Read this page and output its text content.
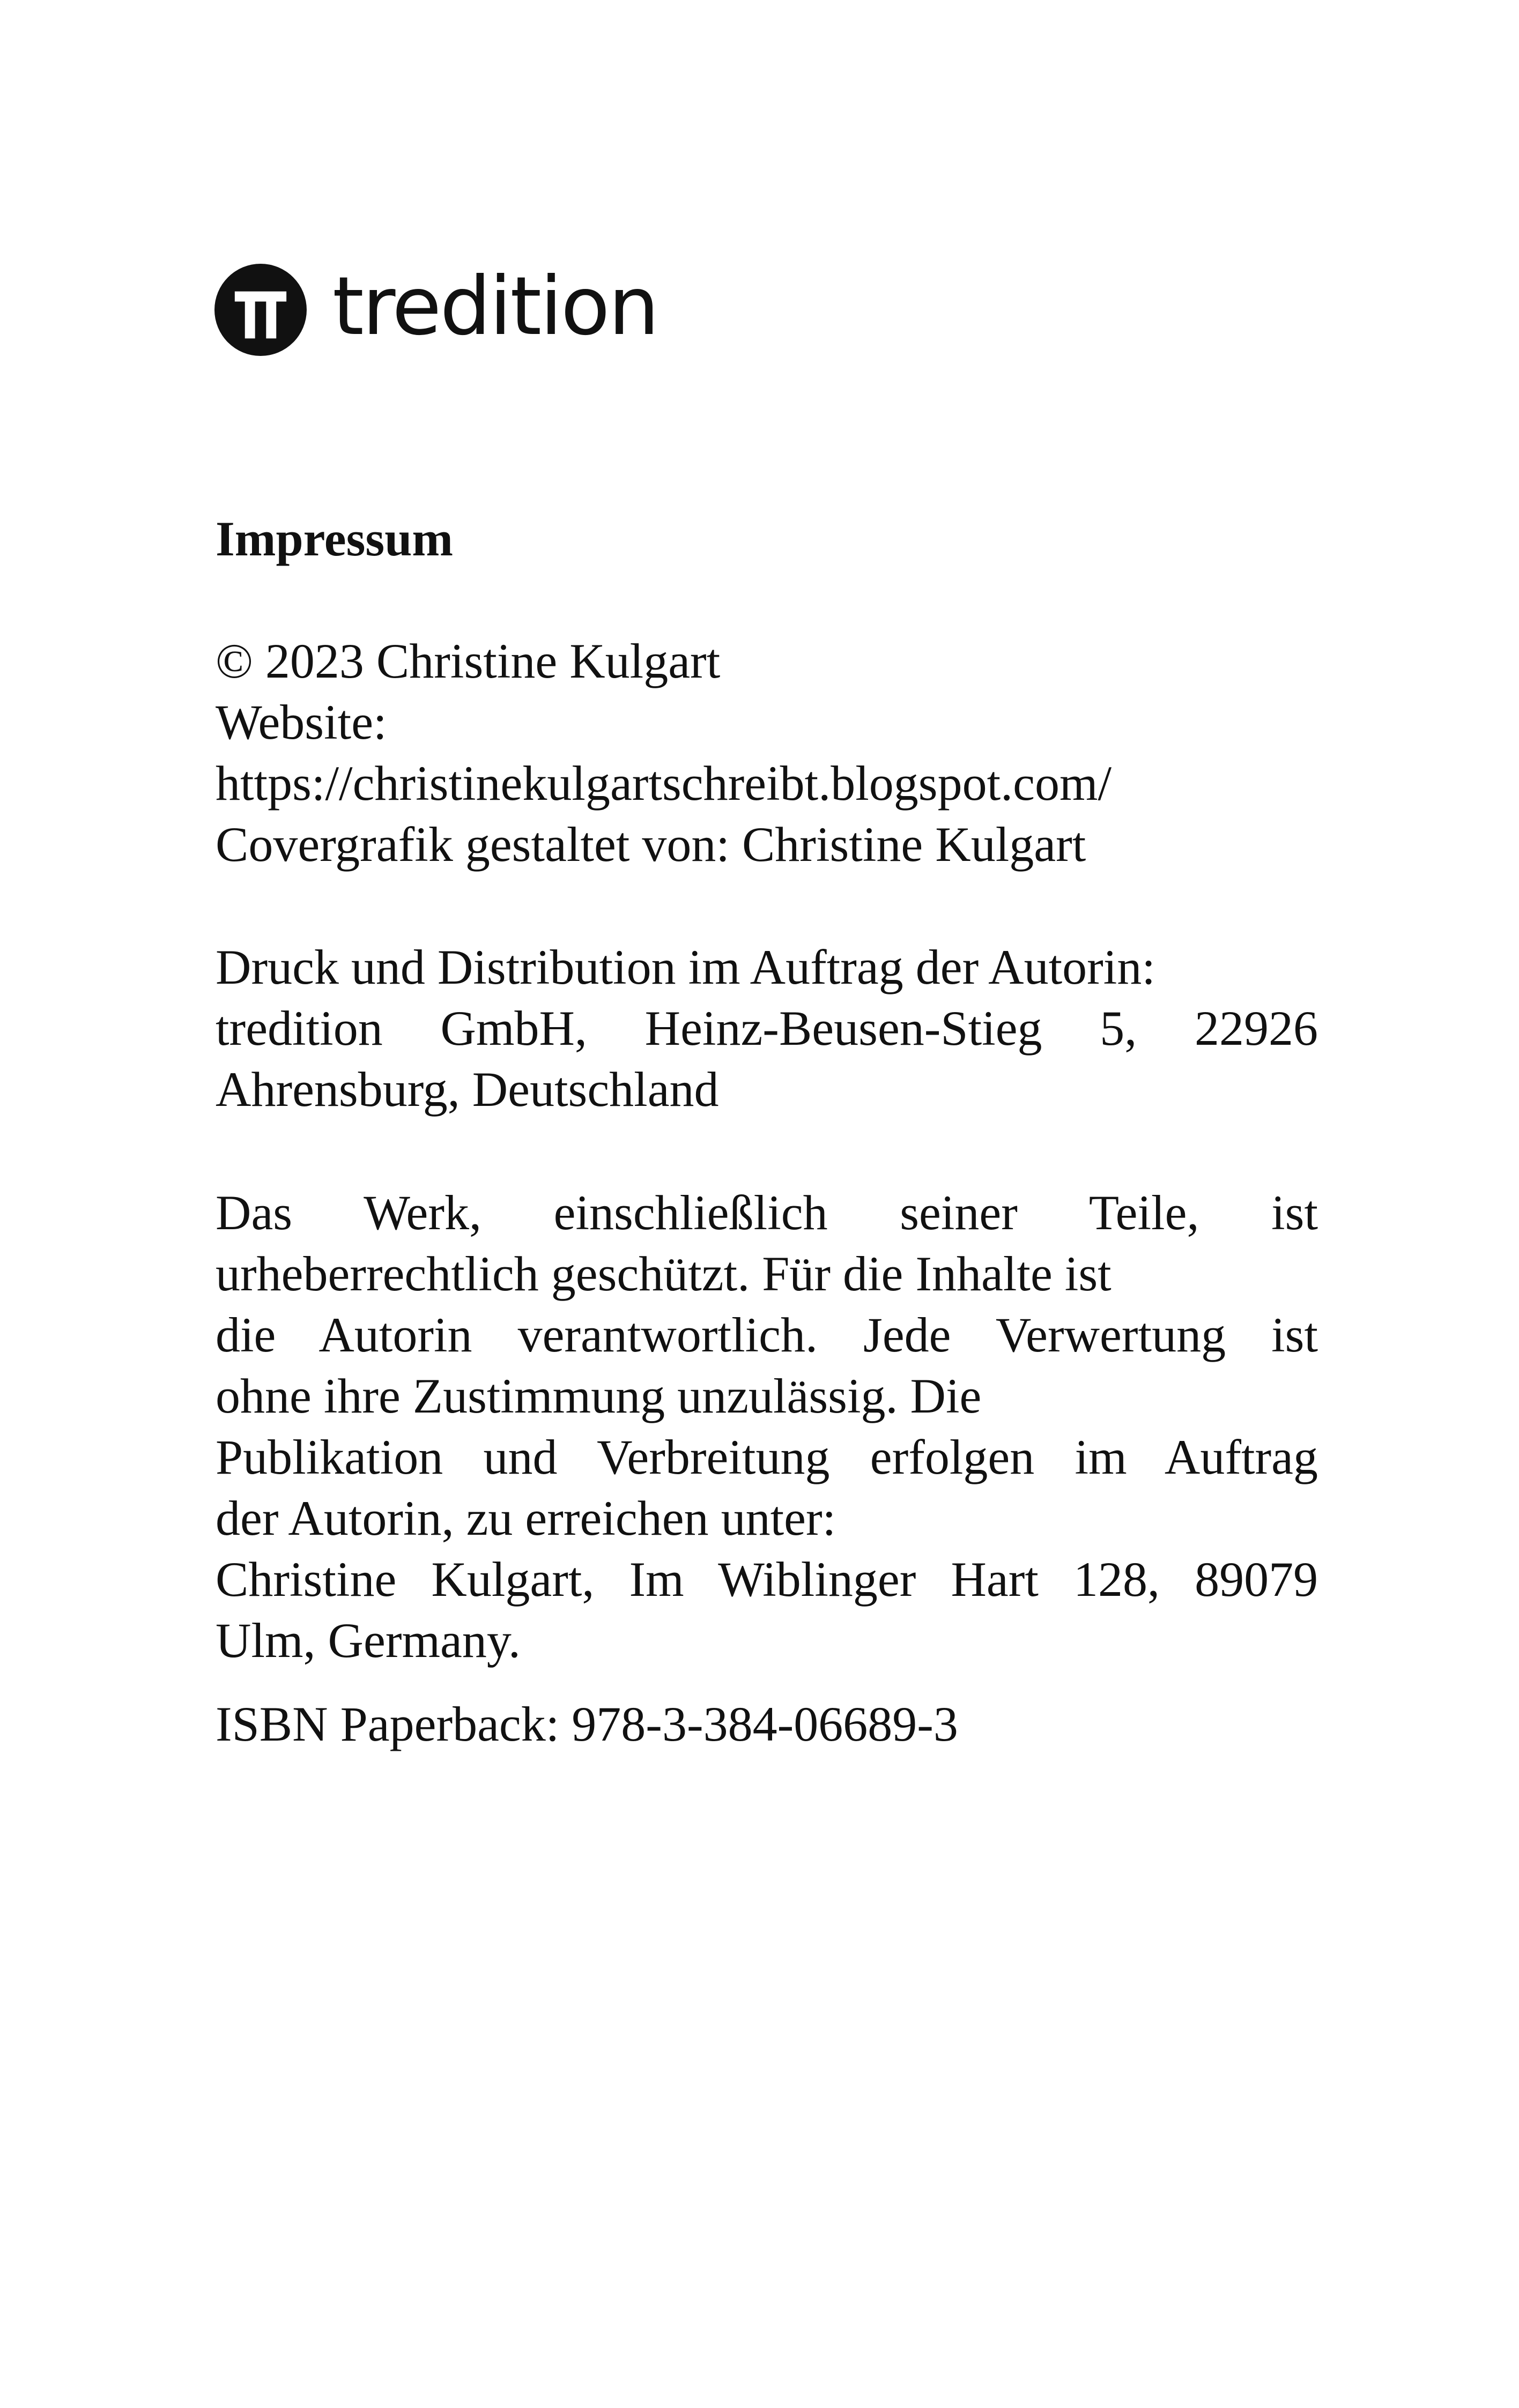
tredition
Impressum
© 2023 Christine Kulgart
Website:
https://christinekulgartschreibt.blogspot.com/
Covergrafik gestaltet von: Christine Kulgart
Druck und Distribution im Auftrag der Autorin:
tredition GmbH, Heinz-Beusen-Stieg 5, 22926
Ahrensburg, Deutschland
Das Werk, einschließlich seiner Teile, ist
urheberrechtlich geschützt. Für die Inhalte ist
die Autorin verantwortlich. Jede Verwertung ist
ohne ihre Zustimmung unzulässig. Die
Publikation und Verbreitung erfolgen im Auftrag
der Autorin, zu erreichen unter:
Christine Kulgart, Im Wiblinger Hart 128, 89079
Ulm, Germany.
ISBN Paperback: 978-3-384-06689-3
